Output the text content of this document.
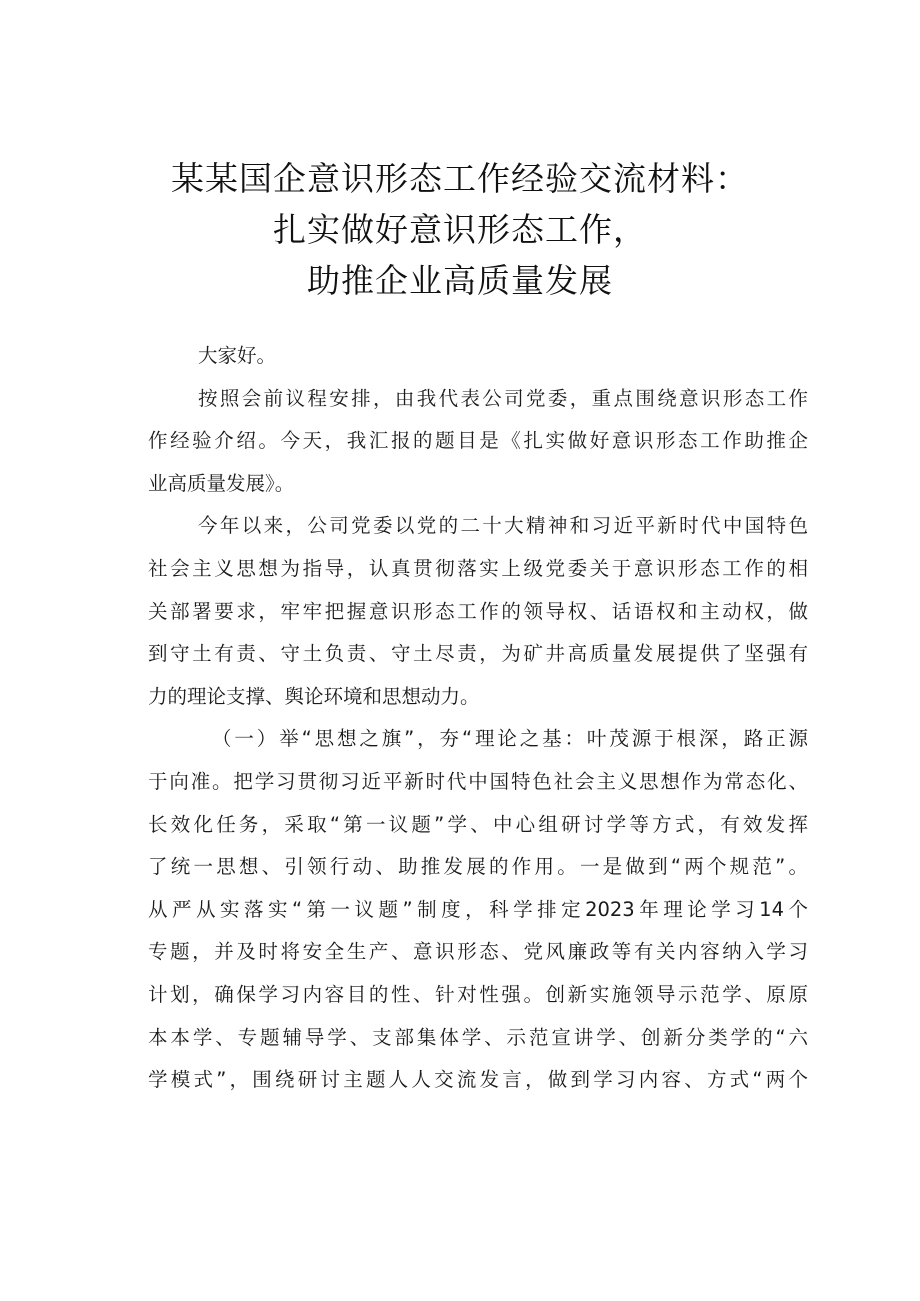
某某国企意识形态工作经验交流材料：
扎实做好意识形态工作，
助推企业高质量发展
大家好。
按照会前议程安排，由我代表公司党委，重点围绕意识形态工作
作经验介绍。今天，我汇报的题目是《扎实做好意识形态工作助推企
业高质量发展》。
今年以来，公司党委以党的二十大精神和习近平新时代中国特色
社会主义思想为指导，认真贯彻落实上级党委关于意识形态工作的相
关部署要求，牢牢把握意识形态工作的领导权、话语权和主动权，做
到守土有责、守土负责、守土尽责，为矿井高质量发展提供了坚强有
力的理论支撑、舆论环境和思想动力。
（一）举“思想之旗”，夯“理论之基：叶茂源于根深，路正源
于向准。把学习贯彻习近平新时代中国特色社会主义思想作为常态化、
长效化任务，采取“第一议题”学、中心组研讨学等方式，有效发挥
了统一思想、引领行动、助推发展的作用。一是做到“两个规范”。
从严从实落实“第一议题”制度，科学排定2023年理论学习14个
专题，并及时将安全生产、意识形态、党风廉政等有关内容纳入学习
计划，确保学习内容目的性、针对性强。创新实施领导示范学、原原
本本学、专题辅导学、支部集体学、示范宣讲学、创新分类学的“六
学模式”，围绕研讨主题人人交流发言，做到学习内容、方式“两个
